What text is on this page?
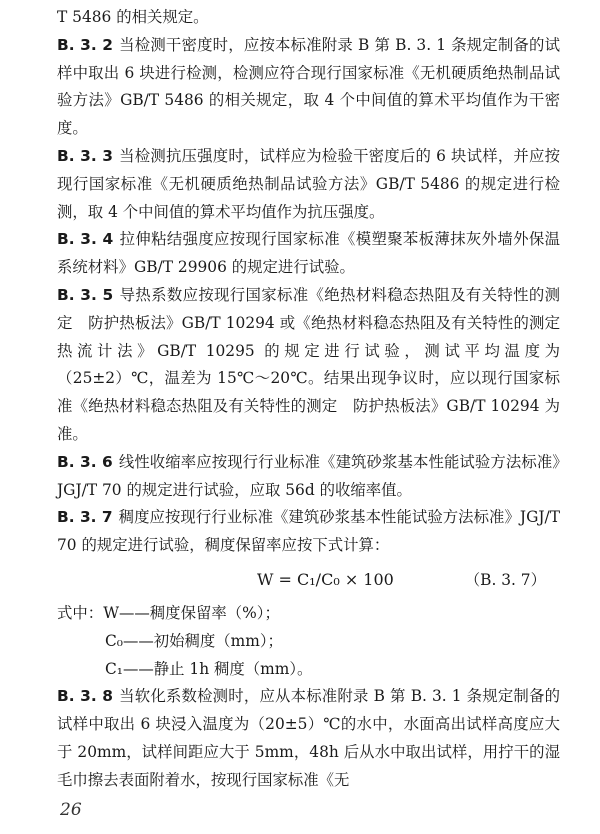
T 5486 的相关规定。

B. 3. 2 当检测干密度时，应按本标准附录 B 第 B. 3. 1 条规定制备的试样中取出 6 块进行检测，检测应符合现行国家标准《无机硬质绝热制品试验方法》GB/T 5486 的相关规定，取 4 个中间值的算术平均值作为干密度。

B. 3. 3 当检测抗压强度时，试样应为检验干密度后的 6 块试样，并应按现行国家标准《无机硬质绝热制品试验方法》GB/T 5486 的规定进行检测，取 4 个中间值的算术平均值作为抗压强度。

B. 3. 4 拉伸粘结强度应按现行国家标准《模塑聚苯板薄抹灰外墙外保温系统材料》GB/T 29906 的规定进行试验。

B. 3. 5 导热系数应按现行国家标准《绝热材料稳态热阻及有关特性的测定　防护热板法》GB/T 10294 或《绝热材料稳态热阻及有关特性的测定　热流计法》GB/T 10295 的规定进行试验，测试平均温度为（25±2）℃，温差为 15℃～20℃。结果出现争议时，应以现行国家标准《绝热材料稳态热阻及有关特性的测定　防护热板法》GB/T 10294 为准。

B. 3. 6 线性收缩率应按现行行业标准《建筑砂浆基本性能试验方法标准》JGJ/T 70 的规定进行试验，应取 56d 的收缩率值。

B. 3. 7 稠度应按现行行业标准《建筑砂浆基本性能试验方法标准》JGJ/T 70 的规定进行试验，稠度保留率应按下式计算：

W = C₁/C₀ × 100	（B. 3. 7）
式中：W——稠度保留率（%）；
C₀——初始稠度（mm）；
C₁——静止 1h 稠度（mm）。

B. 3. 8 当软化系数检测时，应从本标准附录 B 第 B. 3. 1 条规定制备的试样中取出 6 块浸入温度为（20±5）℃的水中，水面高出试样高度应大于 20mm，试样间距应大于 5mm，48h 后从水中取出试样，用拧干的湿毛巾擦去表面附着水，按现行国家标准《无

26
